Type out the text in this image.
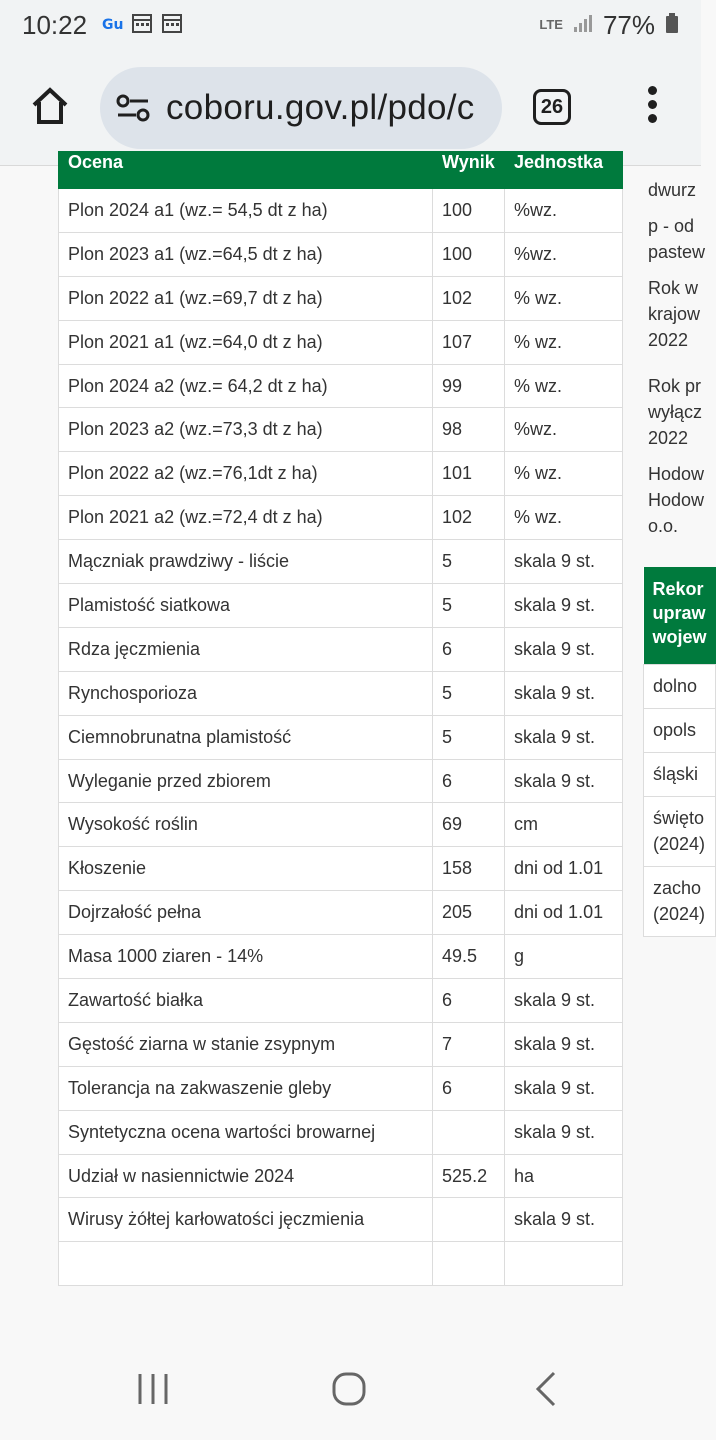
10:22 Gu	LTE 77%
coboru.gov.pl/pdo/c	26
Ocena	Wynik	Jednostka
Plon 2024 a1 (wz.= 54,5 dt z ha)	100	%wz.
Plon 2023 a1 (wz.=64,5 dt z ha)	100	%wz.
Plon 2022 a1 (wz.=69,7 dt z ha)	102	% wz.
Plon 2021 a1 (wz.=64,0 dt z ha)	107	% wz.
Plon 2024 a2 (wz.= 64,2 dt z ha)	99	% wz.
Plon 2023 a2 (wz.=73,3 dt z ha)	98	%wz.
Plon 2022 a2 (wz.=76,1dt z ha)	101	% wz.
Plon 2021 a2 (wz.=72,4 dt z ha)	102	% wz.
Mączniak prawdziwy - liście	5	skala 9 st.
Plamistość siatkowa	5	skala 9 st.
Rdza jęczmienia	6	skala 9 st.
Rynchosporioza	5	skala 9 st.
Ciemnobrunatna plamistość	5	skala 9 st.
Wyleganie przed zbiorem	6	skala 9 st.
Wysokość roślin	69	cm
Kłoszenie	158	dni od 1.01
Dojrzałość pełna	205	dni od 1.01
Masa 1000 ziaren - 14%	49.5	g
Zawartość białka	6	skala 9 st.
Gęstość ziarna w stanie zsypnym	7	skala 9 st.
Tolerancja na zakwaszenie gleby	6	skala 9 st.
Syntetyczna ocena wartości browarnej		skala 9 st.
Udział w nasiennictwie 2024	525.2	ha
Wirusy żółtej karłowatości jęczmienia		skala 9 st.

dwurz
p - od
pastew
Rok w
krajow
2022
Rok pr
wyłącz
2022
Hodow
Hodow
o.o.
Rekor
upraw
wojew

dolno

opols

śląski

święto
(2024)

zacho
(2024)
